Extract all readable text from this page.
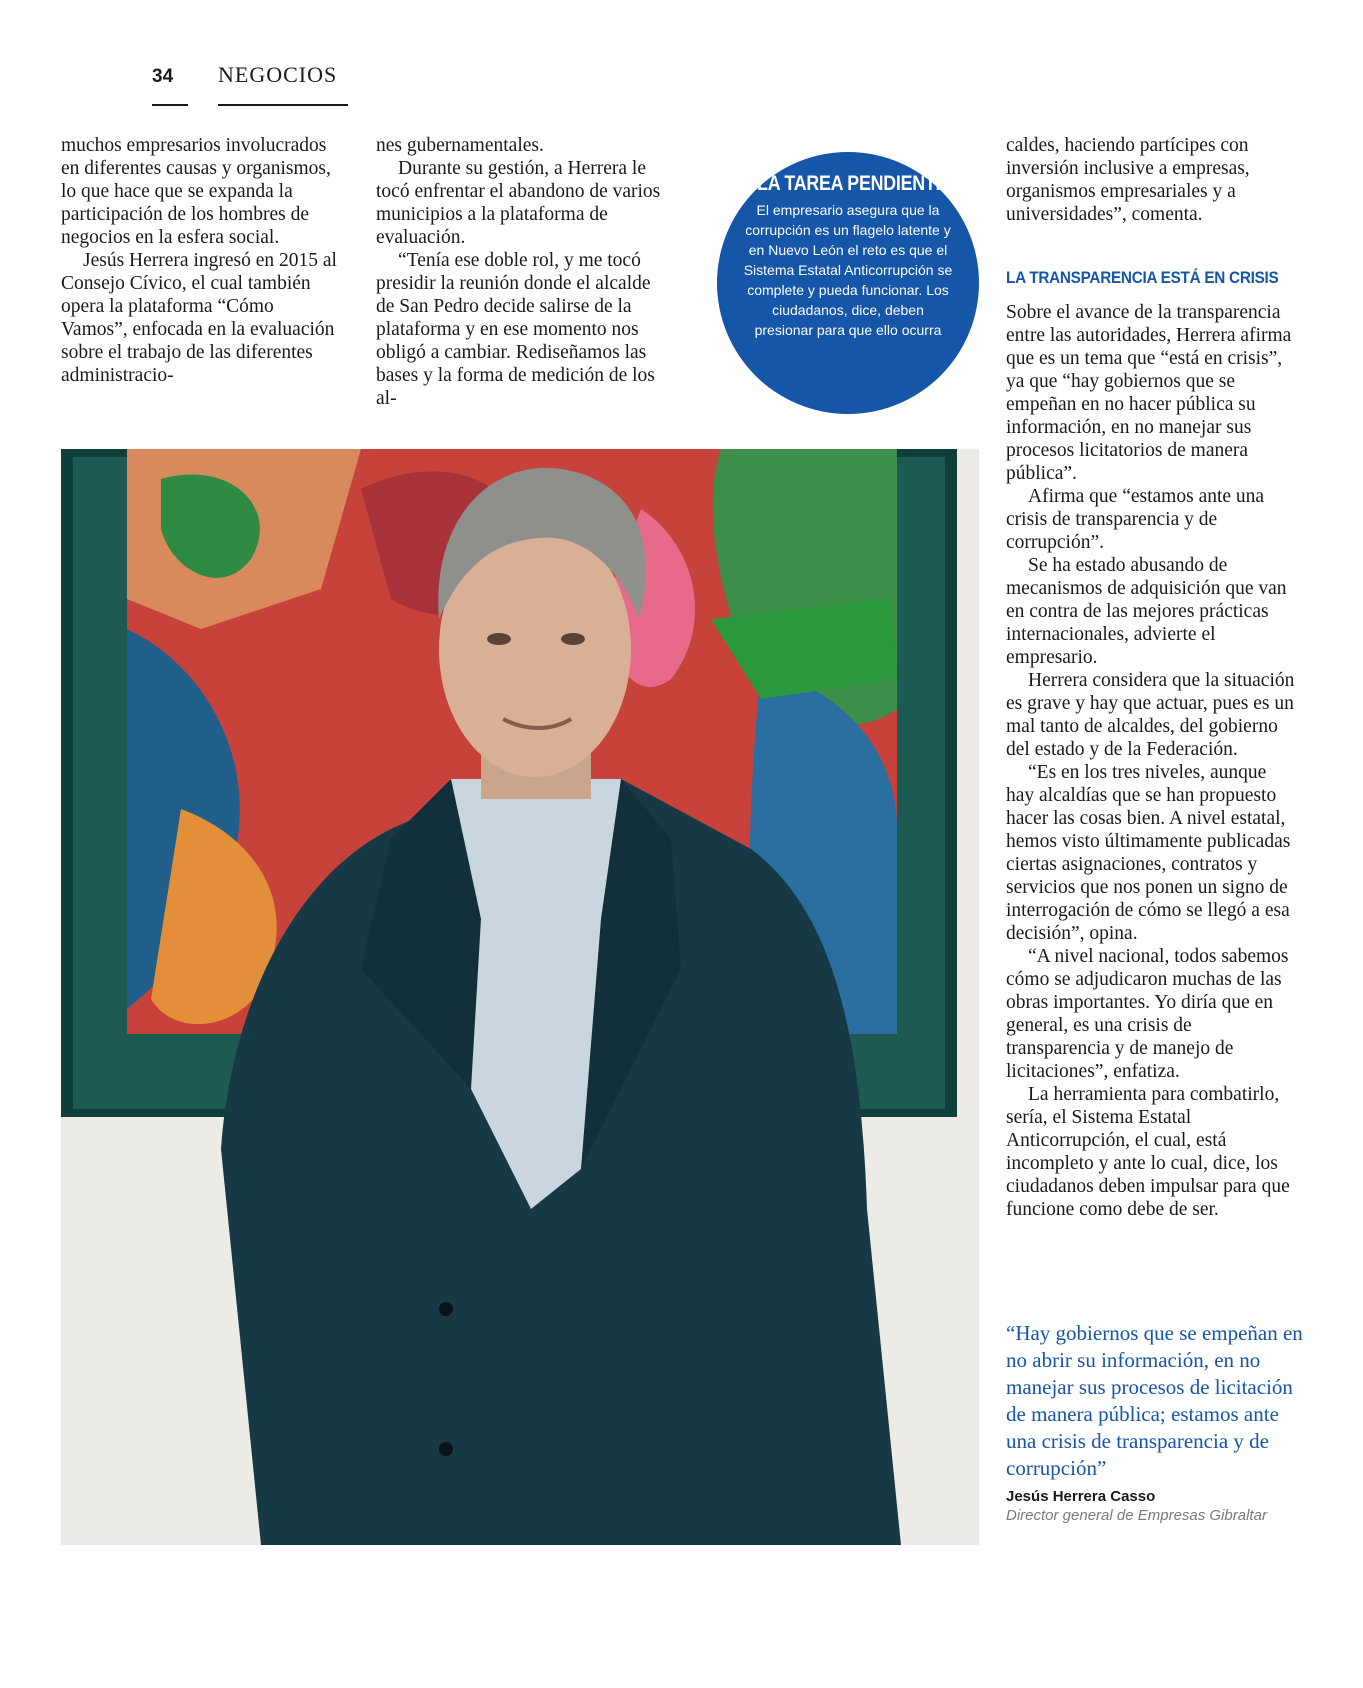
34 NEGOCIOS

muchos empresarios involucrados en diferentes causas y organismos, lo que hace que se expanda la participación de los hombres de negocios en la esfera social.

Jesús Herrera ingresó en 2015 al Consejo Cívico, el cual también opera la plataforma “Cómo Vamos”, enfocada en la evaluación sobre el trabajo de las diferentes administracio-

nes gubernamentales.

Durante su gestión, a Herrera le tocó enfrentar el abandono de varios municipios a la plataforma de evaluación.

“Tenía ese doble rol, y me tocó presidir la reunión donde el alcalde de San Pedro decide salirse de la plataforma y en ese momento nos obligó a cambiar. Rediseñamos las bases y la forma de medición de los al-

LA TAREA PENDIENTE
El empresario asegura que la corrupción es un flagelo latente y en Nuevo León el reto es que el Sistema Estatal Anticorrupción se complete y pueda funcionar. Los ciudadanos, dice, deben presionar para que ello ocurra

caldes, haciendo partícipes con inversión inclusive a empresas, organismos empresariales y a universidades”, comenta.

LA TRANSPARENCIA ESTÁ EN CRISIS

Sobre el avance de la transparencia entre las autoridades, Herrera afirma que es un tema que “está en crisis”, ya que “hay gobiernos que se empeñan en no hacer pública su información, en no manejar sus procesos licitatorios de manera pública”.

Afirma que “estamos ante una crisis de transparencia y de corrupción”.

Se ha estado abusando de mecanismos de adquisición que van en contra de las mejores prácticas internacionales, advierte el empresario.

Herrera considera que la situación es grave y hay que actuar, pues es un mal tanto de alcaldes, del gobierno del estado y de la Federación.

“Es en los tres niveles, aunque hay alcaldías que se han propuesto hacer las cosas bien. A nivel estatal, hemos visto últimamente publicadas ciertas asignaciones, contratos y servicios que nos ponen un signo de interrogación de cómo se llegó a esa decisión”, opina.

“A nivel nacional, todos sabemos cómo se adjudicaron muchas de las obras importantes. Yo diría que en general, es una crisis de transparencia y de manejo de licitaciones”, enfatiza.

La herramienta para combatirlo, sería, el Sistema Estatal Anticorrupción, el cual, está incompleto y ante lo cual, dice, los ciudadanos deben impulsar para que funcione como debe de ser.

“Hay gobiernos que se empeñan en no abrir su información, en no manejar sus procesos de licitación de manera pública; estamos ante una crisis de transparencia y de corrupción”
Jesús Herrera Casso
Director general de Empresas Gibraltar
